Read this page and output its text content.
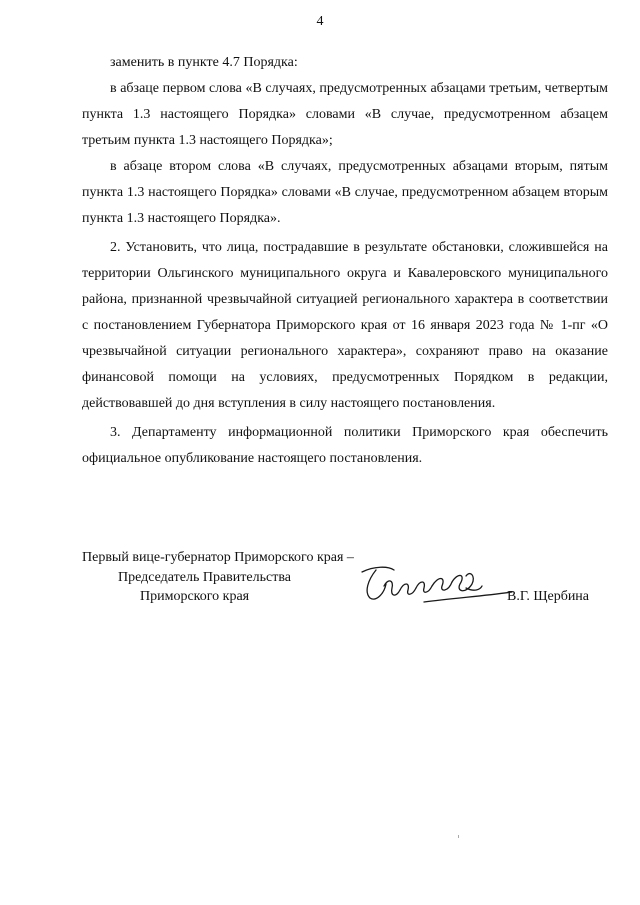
4

заменить в пункте 4.7 Порядка:

в абзаце первом слова «В случаях, предусмотренных абзацами третьим, четвертым пункта 1.3 настоящего Порядка» словами «В случае, предусмотренном абзацем третьим пункта 1.3 настоящего Порядка»;

в абзаце втором слова «В случаях, предусмотренных абзацами вторым, пятым пункта 1.3 настоящего Порядка» словами «В случае, предусмотренном абзацем вторым пункта 1.3 настоящего Порядка».

2. Установить, что лица, пострадавшие в результате обстановки, сложившейся на территории Ольгинского муниципального округа и Кавалеровского муниципального района, признанной чрезвычайной ситуацией регионального характера в соответствии с постановлением Губернатора Приморского края от 16 января 2023 года № 1-пг «О чрезвычайной ситуации регионального характера», сохраняют право на оказание финансовой помощи на условиях, предусмотренных Порядком в редакции, действовавшей до дня вступления в силу настоящего постановления.

3. Департаменту информационной политики Приморского края обеспечить официальное опубликование настоящего постановления.

Первый вице-губернатор Приморского края –
Председатель Правительства
Приморского края	В.Г. Щербина
